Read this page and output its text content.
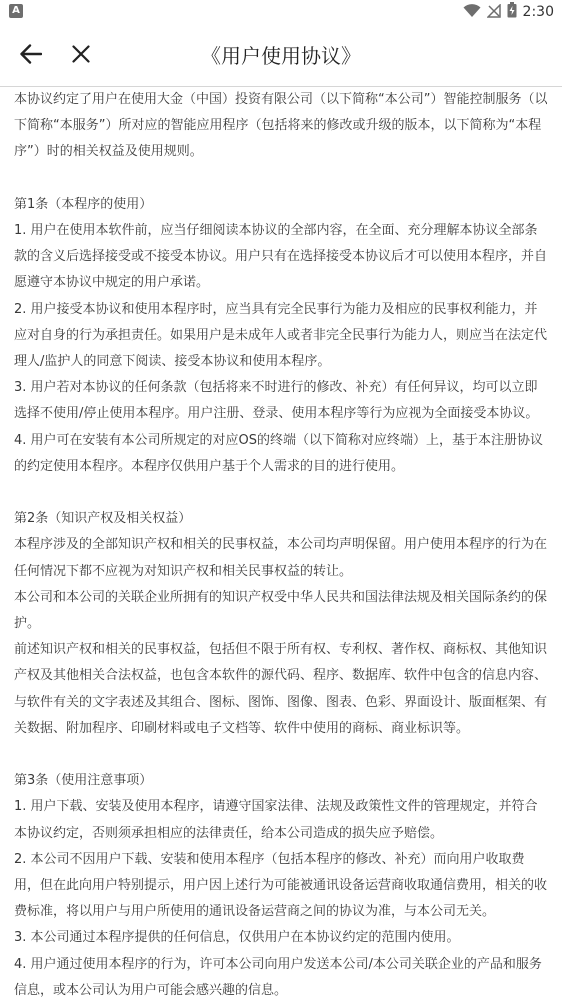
A	2:30
《用户使用协议》

本协议约定了用户在使用大金（中国）投资有限公司（以下简称“本公司”）智能控制服务（以下简称“本服务”）所对应的智能应用程序（包括将来的修改或升级的版本，以下简称为“本程序”）时的相关权益及使用规则。

第1条（本程序的使用）

1. 用户在使用本软件前，应当仔细阅读本协议的全部内容，在全面、充分理解本协议全部条款的含义后选择接受或不接受本协议。用户只有在选择接受本协议后才可以使用本程序，并自愿遵守本协议中规定的用户承诺。

2. 用户接受本协议和使用本程序时，应当具有完全民事行为能力及相应的民事权利能力，并应对自身的行为承担责任。如果用户是未成年人或者非完全民事行为能力人，则应当在法定代理人/监护人的同意下阅读、接受本协议和使用本程序。

3. 用户若对本协议的任何条款（包括将来不时进行的修改、补充）有任何异议，均可以立即选择不使用/停止使用本程序。用户注册、登录、使用本程序等行为应视为全面接受本协议。

4. 用户可在安装有本公司所规定的对应OS的终端（以下简称对应终端）上，基于本注册协议的约定使用本程序。本程序仅供用户基于个人需求的目的进行使用。

第2条（知识产权及相关权益）

本程序涉及的全部知识产权和相关的民事权益，本公司均声明保留。用户使用本程序的行为在任何情况下都不应视为对知识产权和相关民事权益的转让。

本公司和本公司的关联企业所拥有的知识产权受中华人民共和国法律法规及相关国际条约的保护。

前述知识产权和相关的民事权益，包括但不限于所有权、专利权、著作权、商标权、其他知识产权及其他相关合法权益，也包含本软件的源代码、程序、数据库、软件中包含的信息内容、与软件有关的文字表述及其组合、图标、图饰、图像、图表、色彩、界面设计、版面框架、有关数据、附加程序、印刷材料或电子文档等、软件中使用的商标、商业标识等。

第3条（使用注意事项）

1. 用户下载、安装及使用本程序，请遵守国家法律、法规及政策性文件的管理规定，并符合本协议约定，否则须承担相应的法律责任，给本公司造成的损失应予赔偿。

2. 本公司不因用户下载、安装和使用本程序（包括本程序的修改、补充）而向用户收取费用，但在此向用户特别提示，用户因上述行为可能被通讯设备运营商收取通信费用，相关的收费标准，将以用户与用户所使用的通讯设备运营商之间的协议为准，与本公司无关。

3. 本公司通过本程序提供的任何信息，仅供用户在本协议约定的范围内使用。

4. 用户通过使用本程序的行为，许可本公司向用户发送本公司/本公司关联企业的产品和服务信息，或本公司认为用户可能会感兴趣的信息。
